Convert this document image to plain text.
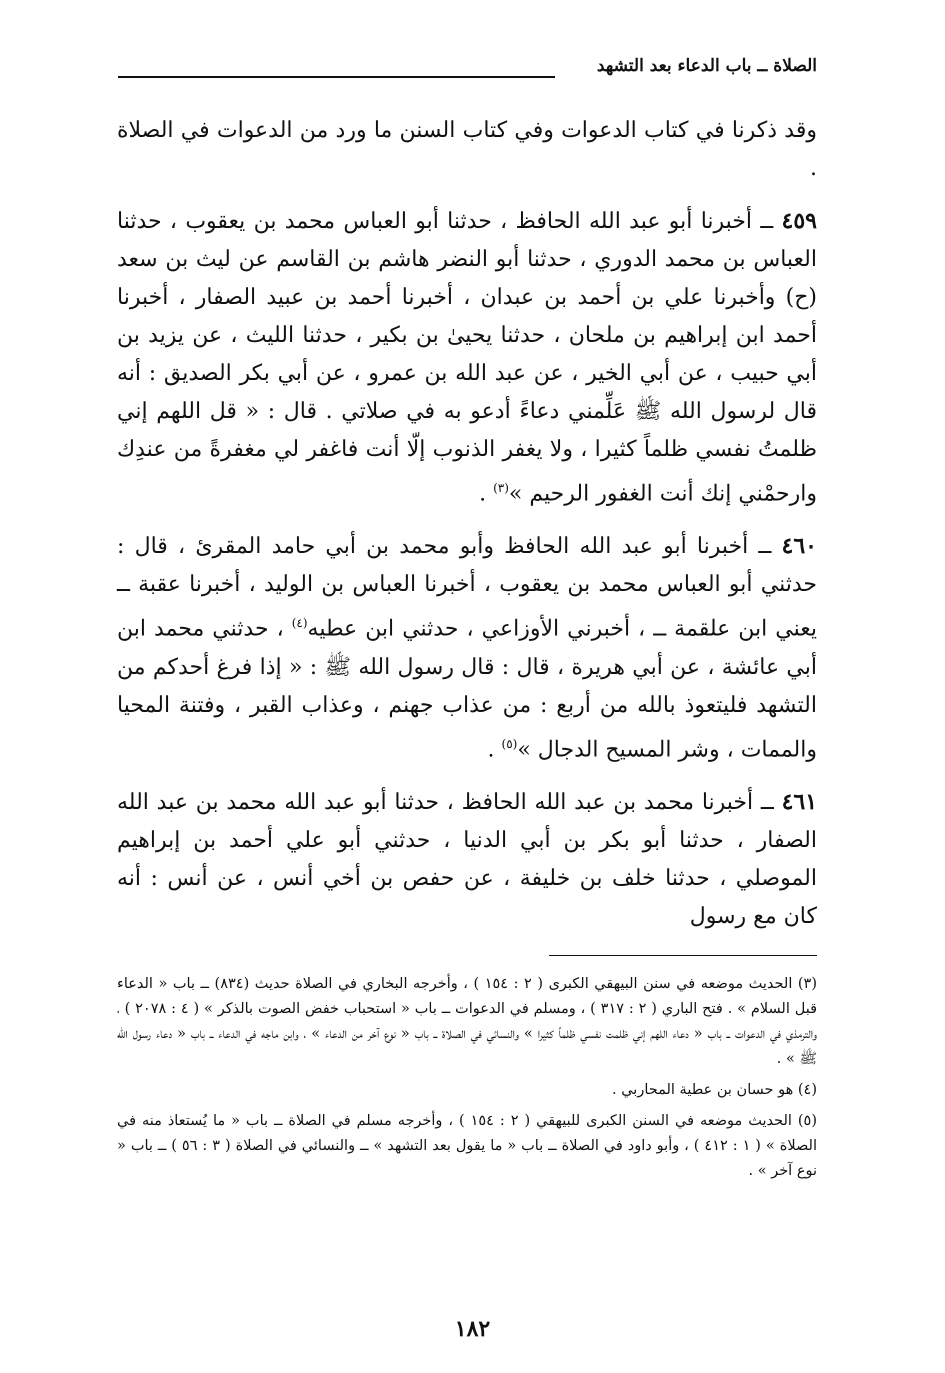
الصلاة ــ باب الدعاء بعد التشهد

وقد ذكرنا في كتاب الدعوات وفي كتاب السنن ما ورد من الدعوات في الصلاة .

٤٥٩ ــ أخبرنا أبو عبد الله الحافظ ، حدثنا أبو العباس محمد بن يعقوب ، حدثنا العباس بن محمد الدوري ، حدثنا أبو النضر هاشم بن القاسم عن ليث بن سعد (ح) وأخبرنا علي بن أحمد بن عبدان ، أخبرنا أحمد بن عبيد الصفار ، أخبرنا أحمد ابن إبراهيم بن ملحان ، حدثنا يحيىٰ بن بكير ، حدثنا الليث ، عن يزيد بن أبي حبيب ، عن أبي الخير ، عن عبد الله بن عمرو ، عن أبي بكر الصديق : أنه قال لرسول الله ﷺ عَلِّمني دعاءً أدعو به في صلاتي . قال : « قل اللهم إني ظلمتُ نفسي ظلماً كثيرا ، ولا يغفر الذنوب إلّا أنت فاغفر لي مغفرةً من عندِك وارحمْني إنك أنت الغفور الرحيم »$^{(٣)}$ .

٤٦٠ ــ أخبرنا أبو عبد الله الحافظ وأبو محمد بن أبي حامد المقرئ ، قال : حدثني أبو العباس محمد بن يعقوب ، أخبرنا العباس بن الوليد ، أخبرنا عقبة ــ يعني ابن علقمة ــ ، أخبرني الأوزاعي ، حدثني ابن عطيه$^{(٤)}$ ، حدثني محمد ابن أبي عائشة ، عن أبي هريرة ، قال : قال رسول الله ﷺ : « إذا فرغ أحدكم من التشهد فليتعوذ بالله من أربع : من عذاب جهنم ، وعذاب القبر ، وفتنة المحيا والممات ، وشر المسيح الدجال »$^{(٥)}$ .

٤٦١ ــ أخبرنا محمد بن عبد الله الحافظ ، حدثنا أبو عبد الله محمد بن عبد الله الصفار ، حدثنا أبو بكر بن أبي الدنيا ، حدثني أبو علي أحمد بن إبراهيم الموصلي ، حدثنا خلف بن خليفة ، عن حفص بن أخي أنس ، عن أنس : أنه كان مع رسول

(٣) الحديث موضعه في سنن البيهقي الكبرى ( ٢ : ١٥٤ ) ، وأخرجه البخاري في الصلاة حديث (٨٣٤) ــ باب « الدعاء قبل السلام » . فتح الباري ( ٢ : ٣١٧ ) ، ومسلم في الدعوات ــ باب « استحباب خفض الصوت بالذكر » ( ٤ : ٢٠٧٨ ) ، والترمذي في الدعوات ــ باب « دعاء اللهم إني ظلمت نفسي ظلماً كثيرا » والنسائي في الصلاة ــ باب « نوع آخر من الدعاء » ، وابن ماجه في الدعاء ــ باب « دعاء رسول الله ﷺ » .

(٤) هو حسان بن عطية المحاربي .

(٥) الحديث موضعه في السنن الكبرى للبيهقي ( ٢ : ١٥٤ ) ، وأخرجه مسلم في الصلاة ــ باب « ما يُستعاذ منه في الصلاة » ( ١ : ٤١٢ ) ، وأبو داود في الصلاة ــ باب « ما يقول بعد التشهد » ــ والنسائي في الصلاة ( ٣ : ٥٦ ) ــ باب « نوع آخر » .

١٨٢
